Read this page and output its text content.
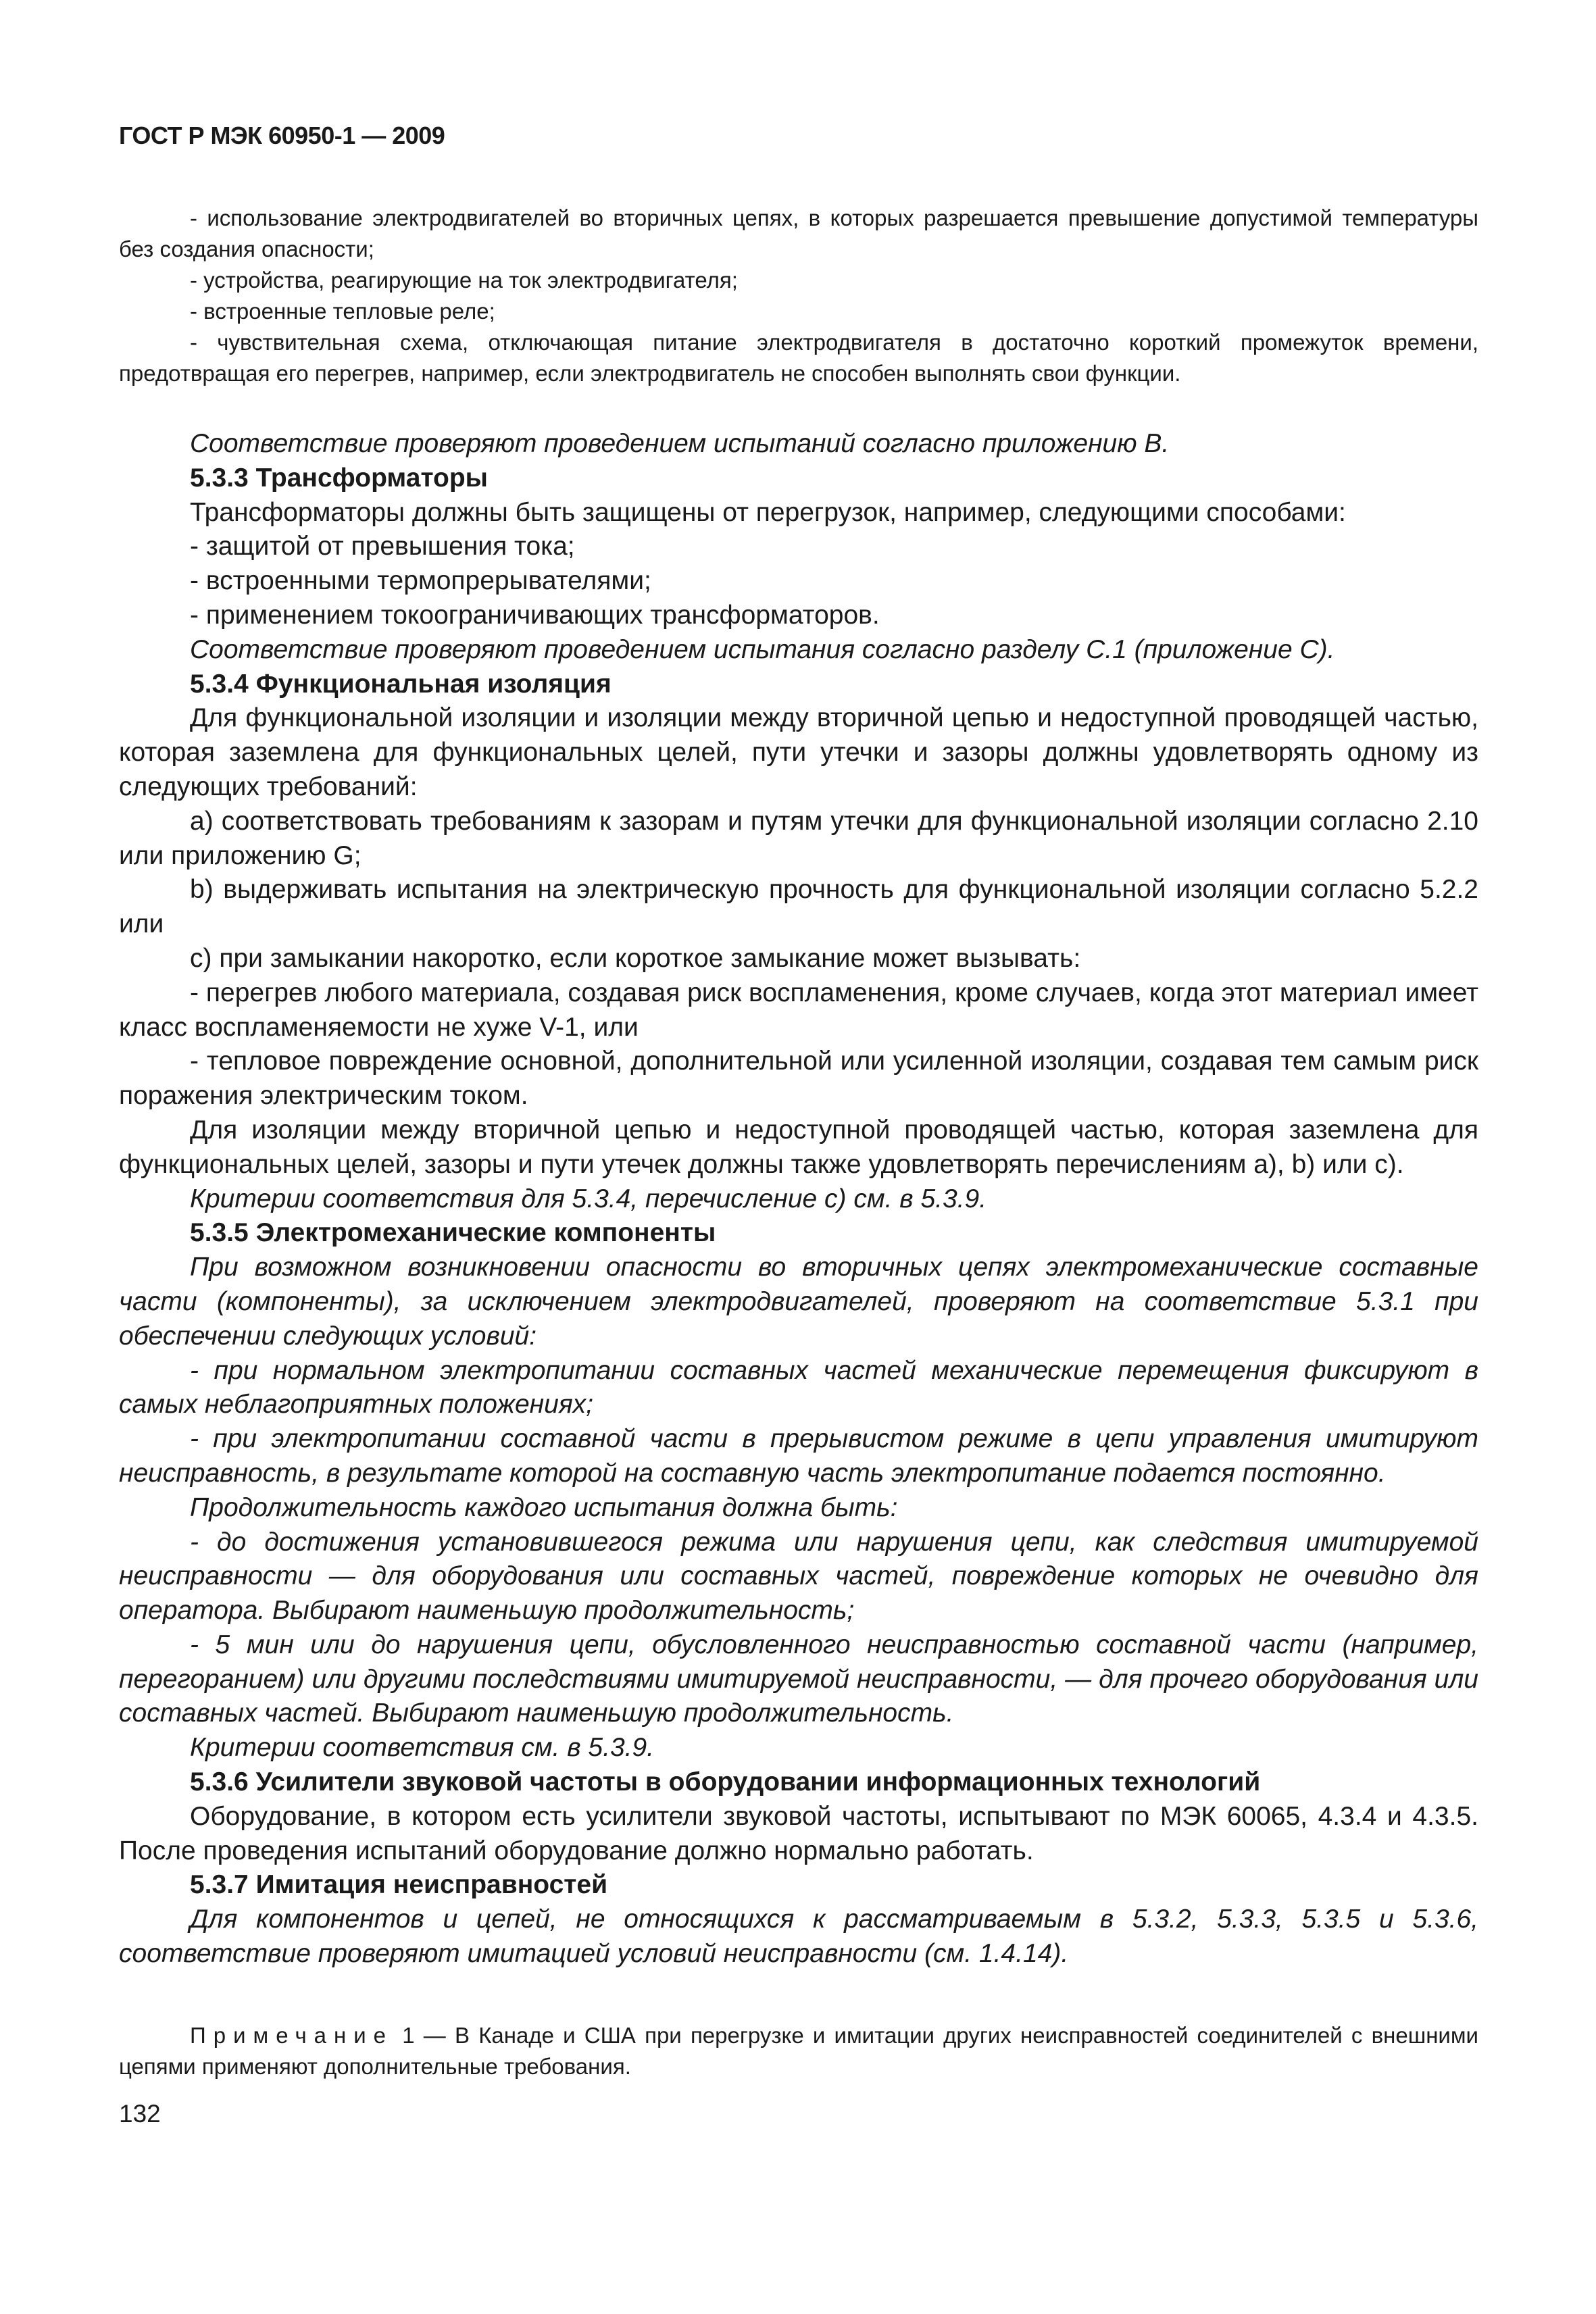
ГОСТ Р МЭК 60950-1 — 2009

- использование электродвигателей во вторичных цепях, в которых разрешается превышение допустимой температуры без создания опасности;

- устройства, реагирующие на ток электродвигателя;

- встроенные тепловые реле;

- чувствительная схема, отключающая питание электродвигателя в достаточно короткий промежуток времени, предотвращая его перегрев, например, если электродвигатель не способен выполнять свои функции.

Соответствие проверяют проведением испытаний согласно приложению В.

5.3.3 Трансформаторы

Трансформаторы должны быть защищены от перегрузок, например, следующими способами:

- защитой от превышения тока;

- встроенными термопрерывателями;

- применением токоограничивающих трансформаторов.

Соответствие проверяют проведением испытания согласно разделу С.1 (приложение С).

5.3.4 Функциональная изоляция

Для функциональной изоляции и изоляции между вторичной цепью и недоступной проводящей частью, которая заземлена для функциональных целей, пути утечки и зазоры должны удовлетворять одному из следующих требований:

а) соответствовать требованиям к зазорам и путям утечки для функциональной изоляции согласно 2.10 или приложению G;

b) выдерживать испытания на электрическую прочность для функциональной изоляции согласно 5.2.2 или

с) при замыкании накоротко, если короткое замыкание может вызывать:

- перегрев любого материала, создавая риск воспламенения, кроме случаев, когда этот материал имеет класс воспламеняемости не хуже V-1, или

- тепловое повреждение основной, дополнительной или усиленной изоляции, создавая тем самым риск поражения электрическим током.

Для изоляции между вторичной цепью и недоступной проводящей частью, которая заземлена для функциональных целей, зазоры и пути утечек должны также удовлетворять перечислениям а), b) или с).

Критерии соответствия для 5.3.4, перечисление с) см. в 5.3.9.

5.3.5 Электромеханические компоненты

При возможном возникновении опасности во вторичных цепях электромеханические составные части (компоненты), за исключением электродвигателей, проверяют на соответствие 5.3.1 при обеспечении следующих условий:

- при нормальном электропитании составных частей механические перемещения фиксируют в самых неблагоприятных положениях;

- при электропитании составной части в прерывистом режиме в цепи управления имитируют неисправность, в результате которой на составную часть электропитание подается постоянно.

Продолжительность каждого испытания должна быть:

- до достижения установившегося режима или нарушения цепи, как следствия имитируемой неисправности — для оборудования или составных частей, повреждение которых не очевидно для оператора. Выбирают наименьшую продолжительность;

- 5 мин или до нарушения цепи, обусловленного неисправностью составной части (например, перегоранием) или другими последствиями имитируемой неисправности, — для прочего оборудования или составных частей. Выбирают наименьшую продолжительность.

Критерии соответствия см. в 5.3.9.

5.3.6 Усилители звуковой частоты в оборудовании информационных технологий

Оборудование, в котором есть усилители звуковой частоты, испытывают по МЭК 60065, 4.3.4 и 4.3.5. После проведения испытаний оборудование должно нормально работать.

5.3.7 Имитация неисправностей

Для компонентов и цепей, не относящихся к рассматриваемым в 5.3.2, 5.3.3, 5.3.5 и 5.3.6, соответствие проверяют имитацией условий неисправности (см. 1.4.14).

Примечание 1 — В Канаде и США при перегрузке и имитации других неисправностей соединителей с внешними цепями применяют дополнительные требования.

132
